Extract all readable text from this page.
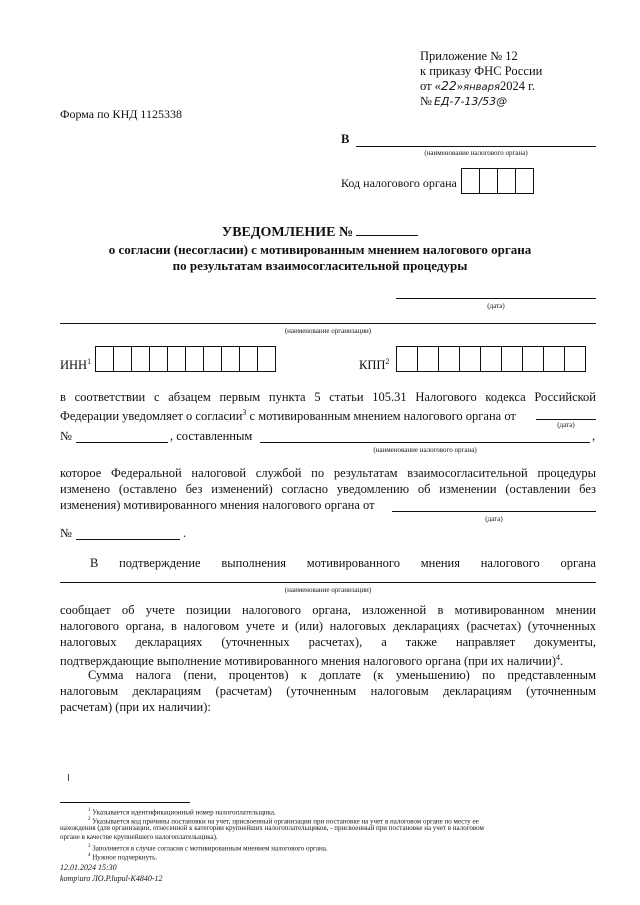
Приложение № 12
к приказу ФНС России
от «22»января2024 г.
№ ЕД-7-13/53@
Форма по КНД 1125338
В
(наименование налогового органа)
Код налогового органа
УВЕДОМЛЕНИЕ №
о согласии (несогласии) с мотивированным мнением налогового органа
по результатам взаимосогласительной процедуры
(дата)
(наименование организации)
ИНН$^1$	КПП$^2$
в соответствии с абзацем первым пункта 5 статьи 105.31 Налогового кодекса Российской
Федерации уведомляет о согласии$^3$ с мотивированным мнением налогового органа от
(дата)
№	, составленным	,
(наименование налогового органа)
которое Федеральной налоговой службой по результатам взаимосогласительной процедуры
изменено (оставлено без изменений) согласно уведомлению об изменении (оставлении без
изменения) мотивированного мнения налогового органа от
(дата)
№	.
В подтверждение выполнения мотивированного мнения налогового органа
(наименование организации)
сообщает об учете позиции налогового органа, изложенной в мотивированном мнении
налогового органа, в налоговом учете и (или) налоговых декларациях (расчетах) (уточненных
налоговых декларациях (уточненных расчетах), а также направляет документы,
подтверждающие выполнение мотивированного мнения налогового органа (при их наличии)$^4$.
Сумма налога (пени, процентов) к доплате (к уменьшению) по представленным
налоговым декларациям (расчетам) (уточненным налоговым декларациям (уточненным
расчетам) (при их наличии):
$^1$ Указывается идентификационный номер налогоплательщика.
$^2$ Указывается код причины постановки на учет, присвоенный организации при постановке на учет в налоговом органе по месту ее
нахождения (для организации, отнесенной к категории крупнейших налогоплательщиков, - присвоенный при постановке на учет в налоговом
органе в качестве крупнейшего налогоплательщика).
$^3$ Заполняется в случае согласия с мотивированным мнением налогового органа.
$^4$ Нужное подчеркнуть.
12.01.2024 15:30
komp\uro ЛО.P.lupul-K4840-12
